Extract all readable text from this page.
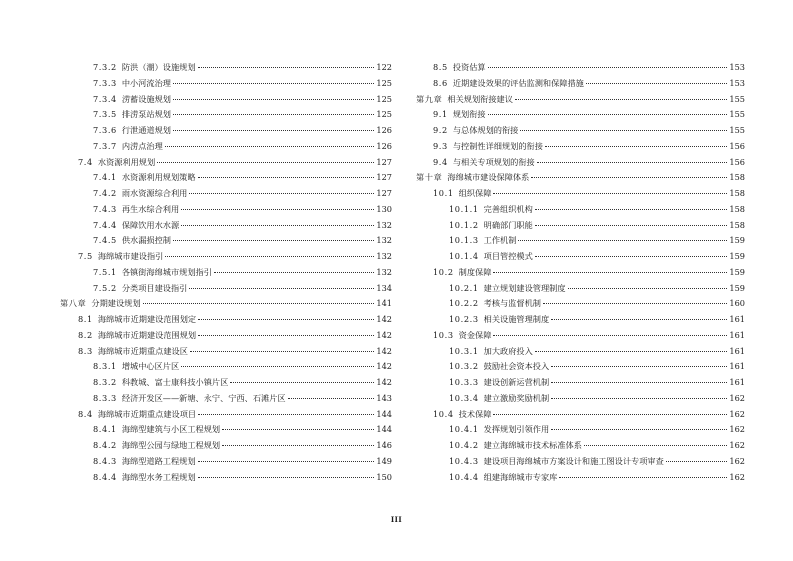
7.3.2 防洪（潮）设施规划	122
7.3.3 中小河流治理	125
7.3.4 涝蓄设施规划	125
7.3.5 排涝泵站规划	125
7.3.6 行泄通道规划	126
7.3.7 内涝点治理	126
7.4 水资源利用规划	127
7.4.1 水资源利用规划策略	127
7.4.2 雨水资源综合利用	127
7.4.3 再生水综合利用	130
7.4.4 保障饮用水水源	132
7.4.5 供水漏损控制	132
7.5 海绵城市建设指引	132
7.5.1 各镇街海绵城市规划指引	132
7.5.2 分类项目建设指引	134
第八章 分期建设规划	141
8.1 海绵城市近期建设范围划定	142
8.2 海绵城市近期建设范围规划	142
8.3 海绵城市近期重点建设区	142
8.3.1 增城中心区片区	142
8.3.2 科教城、富士康科技小镇片区	142
8.3.3 经济开发区——新塘、永宁、宁西、石滩片区	143
8.4 海绵城市近期重点建设项目	144
8.4.1 海绵型建筑与小区工程规划	144
8.4.2 海绵型公园与绿地工程规划	146
8.4.3 海绵型道路工程规划	149
8.4.4 海绵型水务工程规划	150
8.5 投资估算	153
8.6 近期建设效果的评估监测和保障措施	153
第九章 相关规划衔接建议	155
9.1 规划衔接	155
9.2 与总体规划的衔接	155
9.3 与控制性详细规划的衔接	156
9.4 与相关专项规划的衔接	156
第十章 海绵城市建设保障体系	158
10.1 组织保障	158
10.1.1 完善组织机构	158
10.1.2 明确部门职能	158
10.1.3 工作机制	159
10.1.4 项目管控模式	159
10.2 制度保障	159
10.2.1 建立规划建设管理制度	159
10.2.2 考核与监督机制	160
10.2.3 相关设施管理制度	161
10.3 资金保障	161
10.3.1 加大政府投入	161
10.3.2 鼓励社会资本投入	161
10.3.3 建设创新运营机制	161
10.3.4 建立激励奖励机制	162
10.4 技术保障	162
10.4.1 发挥规划引领作用	162
10.4.2 建立海绵城市技术标准体系	162
10.4.3 建设项目海绵城市方案设计和施工图设计专项审查	162
10.4.4 组建海绵城市专家库	162
III
